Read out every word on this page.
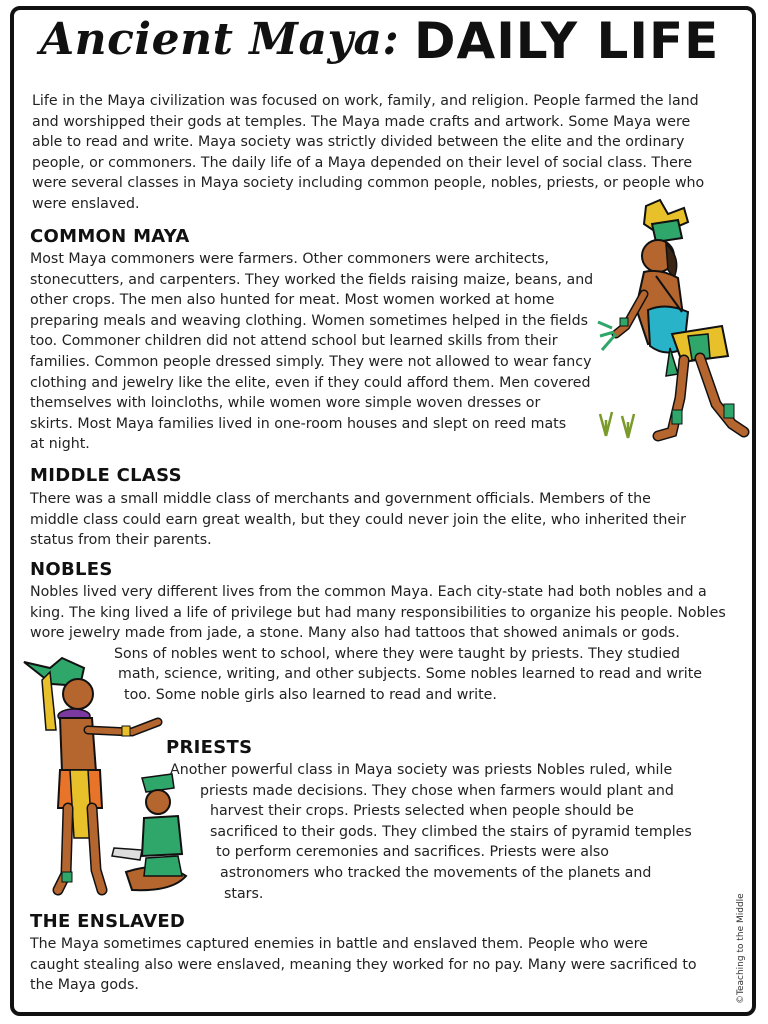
Ancient Maya: DAILY LIFE
Life in the Maya civilization was focused on work, family, and religion. People farmed the land
and worshipped their gods at temples. The Maya made crafts and artwork. Some Maya were
able to read and write. Maya society was strictly divided between the elite and the ordinary
people, or commoners. The daily life of a Maya depended on their level of social class. There
were several classes in Maya society including common people, nobles, priests, or people who
were enslaved.
COMMON MAYA
Most Maya commoners were farmers. Other commoners were architects,
stonecutters, and carpenters. They worked the fields raising maize, beans, and
other crops. The men also hunted for meat. Most women worked at home
preparing meals and weaving clothing. Women sometimes helped in the fields
too. Commoner children did not attend school but learned skills from their
families. Common people dressed simply. They were not allowed to wear fancy
clothing and jewelry like the elite, even if they could afford them. Men covered
themselves with loincloths, while women wore simple woven dresses or
skirts. Most Maya families lived in one-room houses and slept on reed mats
at night.
MIDDLE CLASS
There was a small middle class of merchants and government officials. Members of the
middle class could earn great wealth, but they could never join the elite, who inherited their
status from their parents.
NOBLES
Nobles lived very different lives from the common Maya. Each city-state had both nobles and a
king. The king lived a life of privilege but had many responsibilities to organize his people. Nobles
wore jewelry made from jade, a stone. Many also had tattoos that showed animals or gods.
Sons of nobles went to school, where they were taught by priests. They studied
math, science, writing, and other subjects. Some nobles learned to read and write
too. Some noble girls also learned to read and write.
PRIESTS
Another powerful class in Maya society was priests Nobles ruled, while
priests made decisions. They chose when farmers would plant and
harvest their crops. Priests selected when people should be
sacrificed to their gods. They climbed the stairs of pyramid temples
to perform ceremonies and sacrifices. Priests were also
astronomers who tracked the movements of the planets and
stars.
THE ENSLAVED
The Maya sometimes captured enemies in battle and enslaved them. People who were
caught stealing also were enslaved, meaning they worked for no pay. Many were sacrificed to
the Maya gods.	©Teaching to the Middle
